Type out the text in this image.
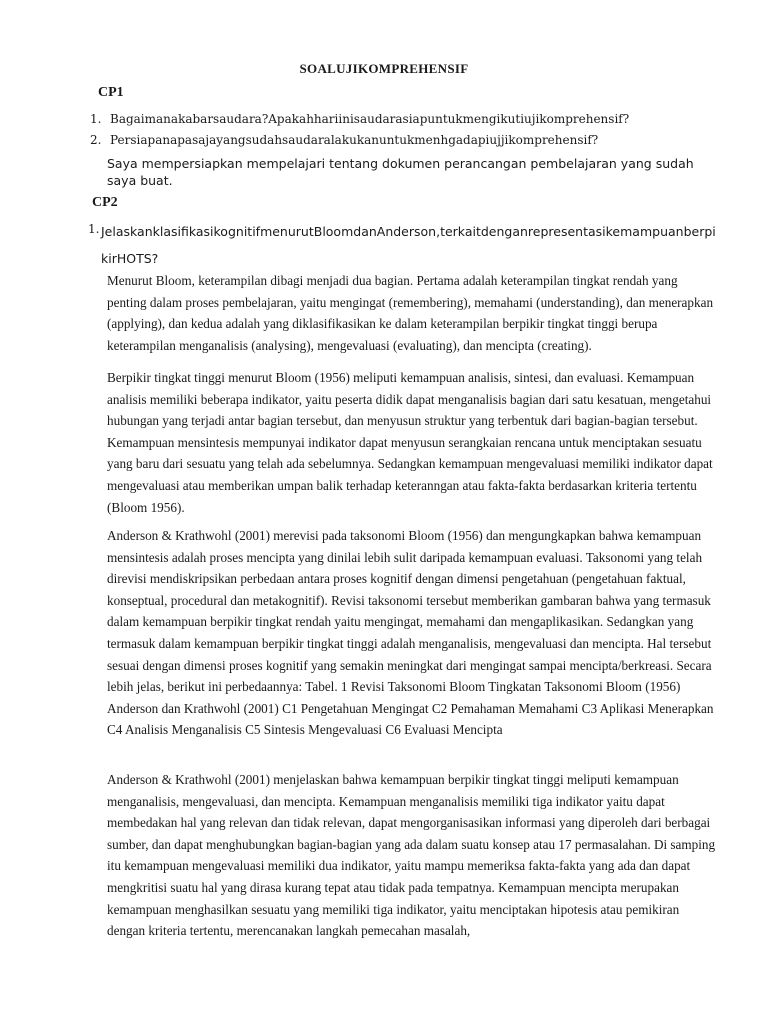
SOALUJIKOMPREHENSIF
CP1
1. Bagaimanakabarsaudara?Apakahhariinisaudarasiapuntukmengikutiujikomprehensif?
2. Persiapanapasajayangsudahsaudaralakukanuntukmenhgadapiujjikomprehensif?
Saya mempersiapkan mempelajari tentang dokumen perancangan pembelajaran yang sudah saya buat.
CP2
1. JelaskanklasifikasikognitifmenurutBloomdanAnderson,terkaitdenganrepresentasikemampuanberpikirHOTS?
Menurut Bloom, keterampilan dibagi menjadi dua bagian. Pertama adalah keterampilan tingkat rendah yang penting dalam proses pembelajaran, yaitu mengingat (remembering), memahami (understanding), dan menerapkan (applying), dan kedua adalah yang diklasifikasikan ke dalam keterampilan berpikir tingkat tinggi berupa keterampilan menganalisis (analysing), mengevaluasi (evaluating), dan mencipta (creating).
Berpikir tingkat tinggi menurut Bloom (1956) meliputi kemampuan analisis, sintesi, dan evaluasi. Kemampuan analisis memiliki beberapa indikator, yaitu peserta didik dapat menganalisis bagian dari satu kesatuan, mengetahui hubungan yang terjadi antar bagian tersebut, dan menyusun struktur yang terbentuk dari bagian-bagian tersebut. Kemampuan mensintesis mempunyai indikator dapat menyusun serangkaian rencana untuk menciptakan sesuatu yang baru dari sesuatu yang telah ada sebelumnya. Sedangkan kemampuan mengevaluasi memiliki indikator dapat mengevaluasi atau memberikan umpan balik terhadap keteranngan atau fakta-fakta berdasarkan kriteria tertentu (Bloom 1956).
Anderson & Krathwohl (2001) merevisi pada taksonomi Bloom (1956) dan mengungkapkan bahwa kemampuan mensintesis adalah proses mencipta yang dinilai lebih sulit daripada kemampuan evaluasi. Taksonomi yang telah direvisi mendiskripsikan perbedaan antara proses kognitif dengan dimensi pengetahuan (pengetahuan faktual, konseptual, procedural dan metakognitif). Revisi taksonomi tersebut memberikan gambaran bahwa yang termasuk dalam kemampuan berpikir tingkat rendah yaitu mengingat, memahami dan mengaplikasikan. Sedangkan yang termasuk dalam kemampuan berpikir tingkat tinggi adalah menganalisis, mengevaluasi dan mencipta. Hal tersebut sesuai dengan dimensi proses kognitif yang semakin meningkat dari mengingat sampai mencipta/berkreasi. Secara lebih jelas, berikut ini perbedaannya: Tabel. 1 Revisi Taksonomi Bloom Tingkatan Taksonomi Bloom (1956) Anderson dan Krathwohl (2001) C1 Pengetahuan Mengingat C2 Pemahaman Memahami C3 Aplikasi Menerapkan C4 Analisis Menganalisis C5 Sintesis Mengevaluasi C6 Evaluasi Mencipta
Anderson & Krathwohl (2001) menjelaskan bahwa kemampuan berpikir tingkat tinggi meliputi kemampuan menganalisis, mengevaluasi, dan mencipta. Kemampuan menganalisis memiliki tiga indikator yaitu dapat membedakan hal yang relevan dan tidak relevan, dapat mengorganisasikan informasi yang diperoleh dari berbagai sumber, dan dapat menghubungkan bagian-bagian yang ada dalam suatu konsep atau 17 permasalahan. Di samping itu kemampuan mengevaluasi memiliki dua indikator, yaitu mampu memeriksa fakta-fakta yang ada dan dapat mengkritisi suatu hal yang dirasa kurang tepat atau tidak pada tempatnya. Kemampuan mencipta merupakan kemampuan menghasilkan sesuatu yang memiliki tiga indikator, yaitu menciptakan hipotesis atau pemikiran dengan kriteria tertentu, merencanakan langkah pemecahan masalah,
